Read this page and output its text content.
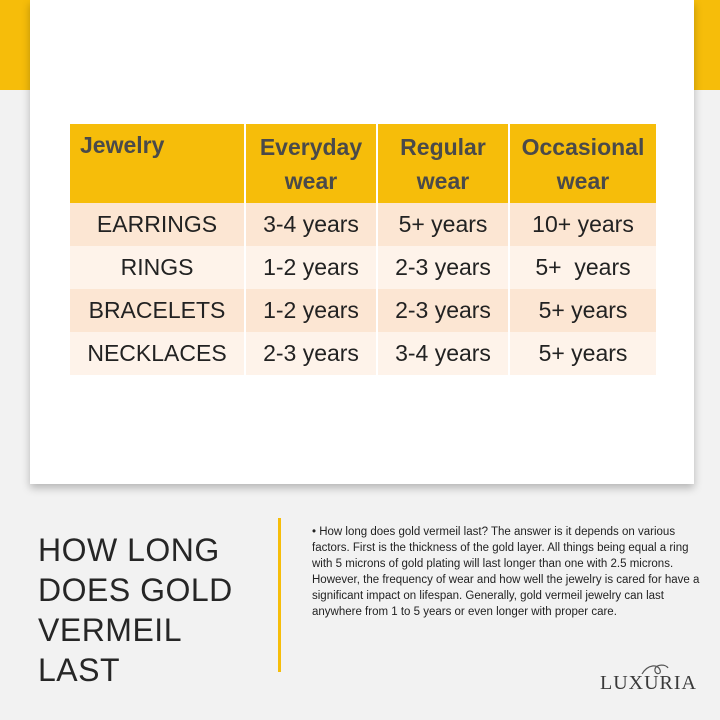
Jewelry	Everyday wear	Regular wear	Occasional wear
EARRINGS	3-4 years	5+ years	10+ years
RINGS	1-2 years	2-3 years	5+  years
BRACELETS	1-2 years	2-3 years	5+ years
NECKLACES	2-3 years	3-4 years	5+ years
HOW LONG
DOES GOLD
VERMEIL LAST
• How long does gold vermeil last? The answer is it depends on various factors. First is the thickness of the gold layer. All things being equal a ring with 5 microns of gold plating will last longer than one with 2.5 microns. However, the frequency of wear and how well the jewelry is cared for have a significant impact on lifespan. Generally, gold vermeil jewelry can last anywhere from 1 to 5 years or even longer with proper care.
LUXURIA
